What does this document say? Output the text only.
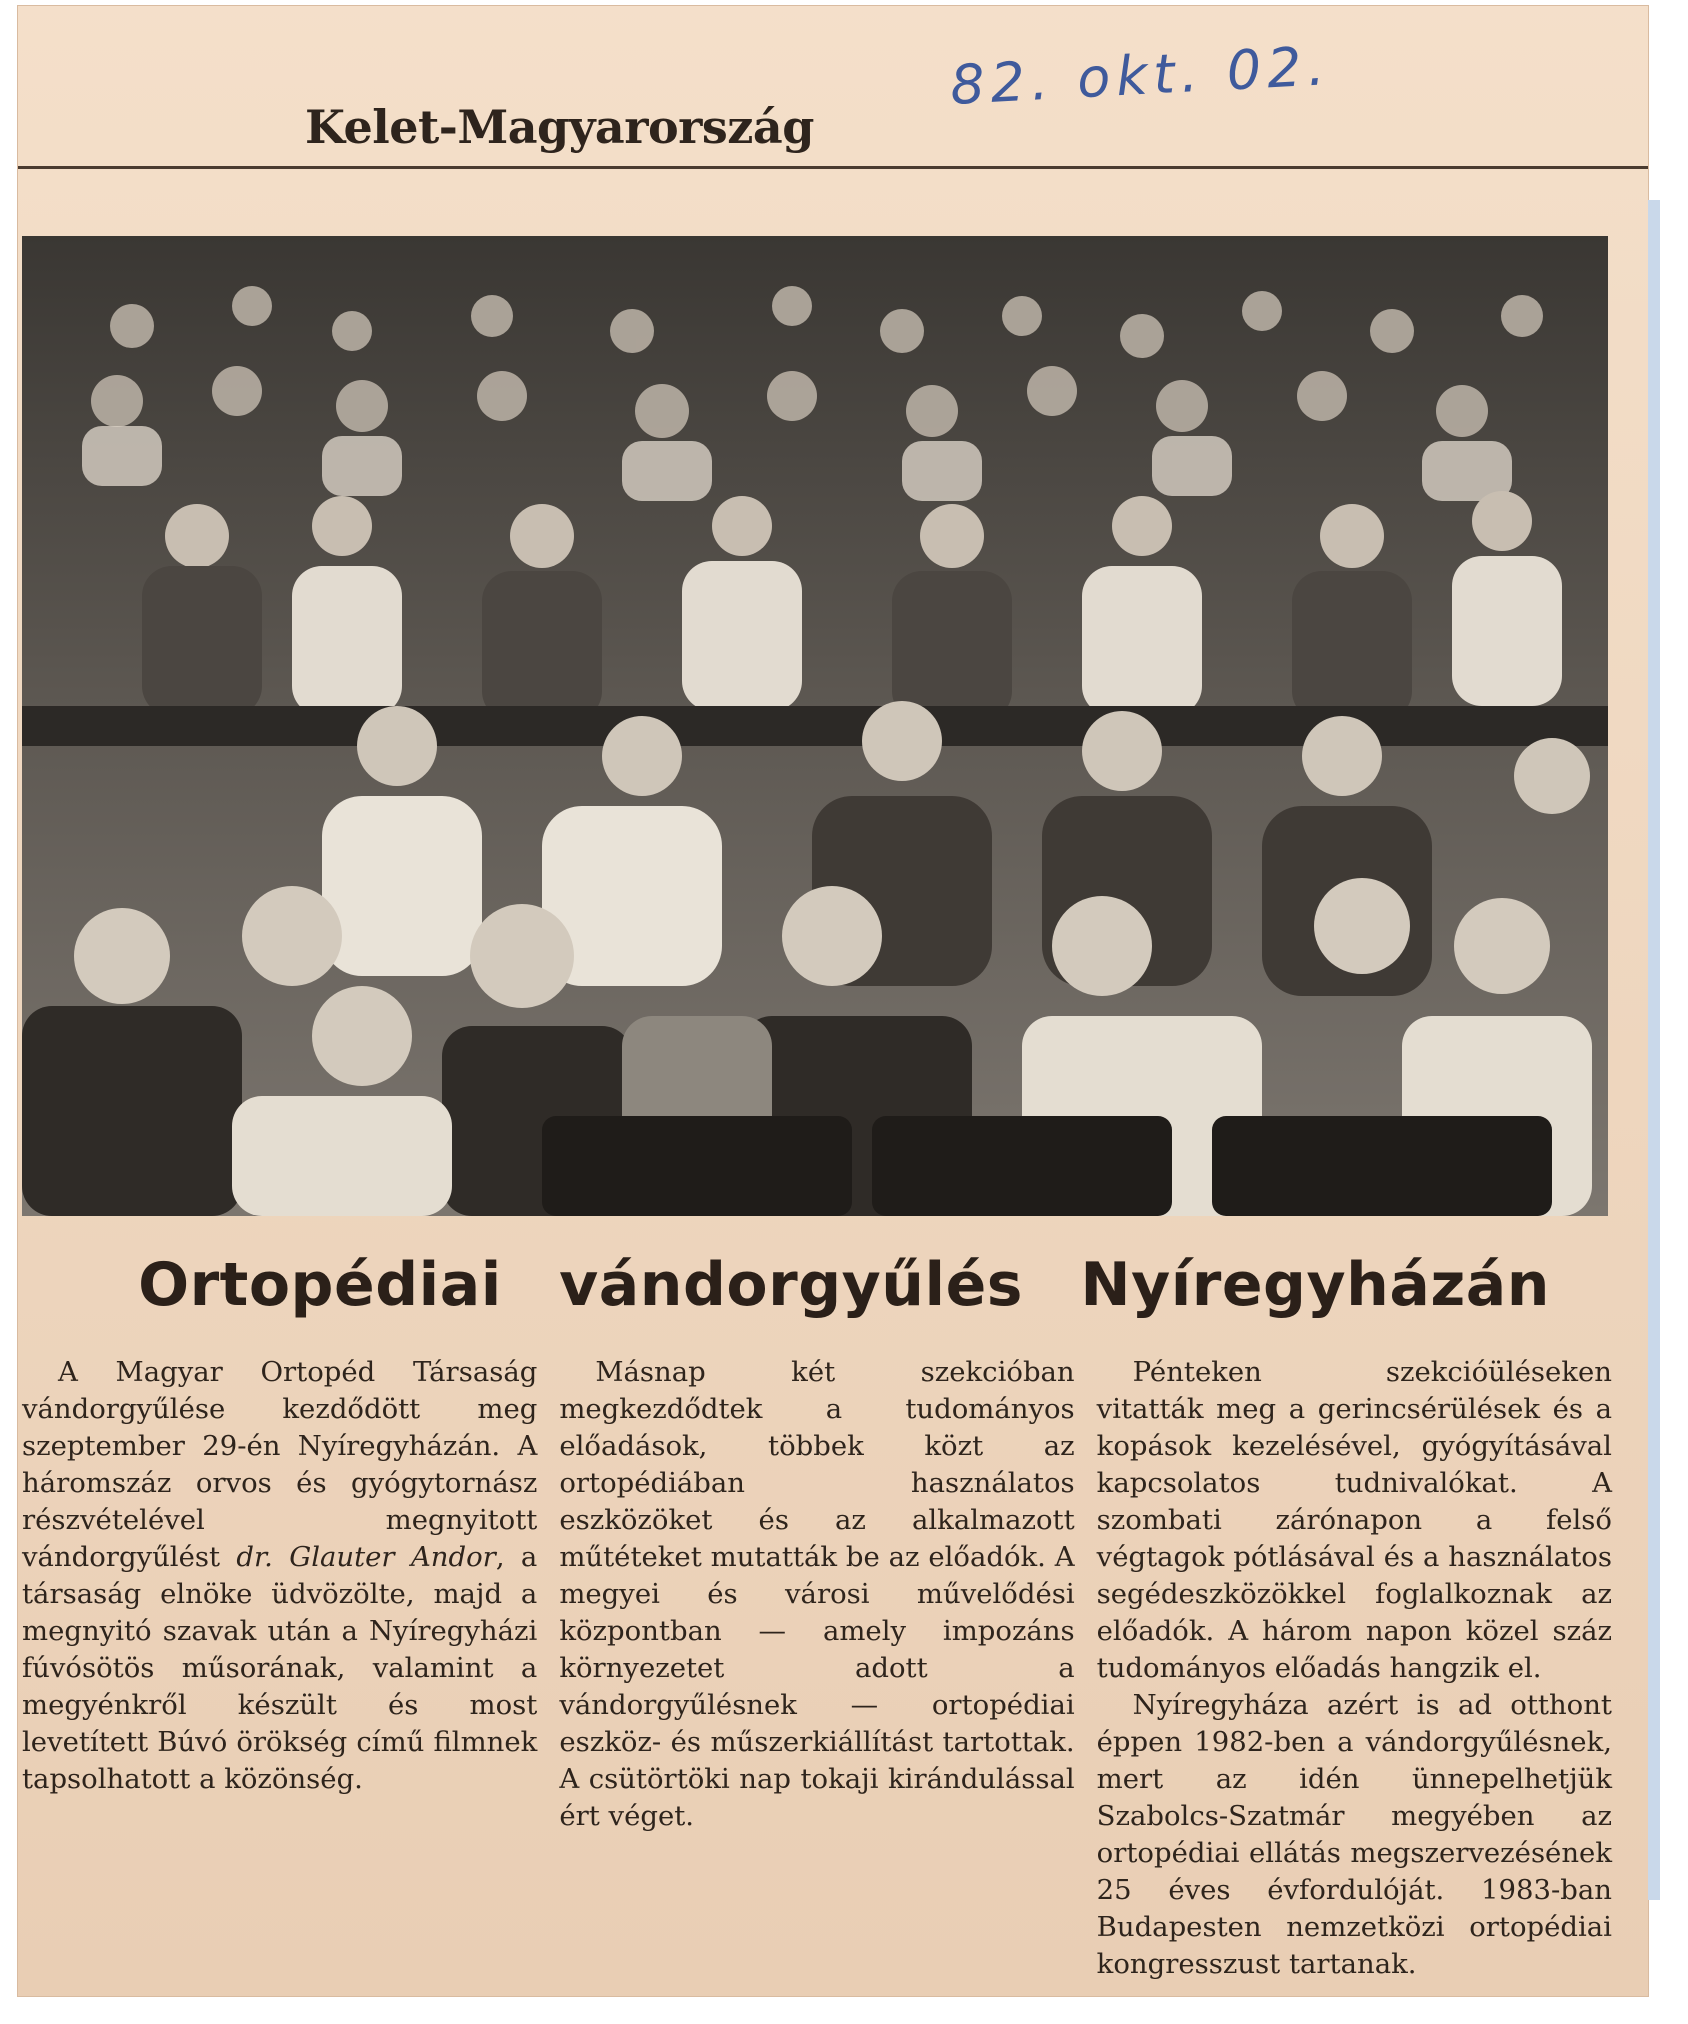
82. okt. 02.
Kelet-Magyarország
Ortopédiai vándorgyűlés Nyíregyházán

A Magyar Ortopéd Társaság vándorgyűlése kezdődött meg szeptember 29-én Nyíregyházán. A háromszáz orvos és gyógytornász részvételével megnyitott vándorgyűlést dr. Glauter Andor, a társaság elnöke üdvözölte, majd a megnyitó szavak után a Nyíregyházi fúvósötös műsorának, valamint a megyénkről készült és most levetített Búvó örökség című filmnek tapsolhatott a közönség.

Másnap két szekcióban megkezdődtek a tudományos előadások, többek közt az ortopédiában használatos eszközöket és az alkalmazott műtéteket mutatták be az előadók. A megyei és városi művelődési központban — amely impozáns környezetet adott a vándorgyűlésnek — ortopédiai eszköz- és műszerkiállítást tartottak. A csütörtöki nap tokaji kirándulással ért véget.

Pénteken szekcióüléseken vitatták meg a gerincsérülések és a kopások kezelésével, gyógyításával kapcsolatos tudnivalókat. A szombati zárónapon a felső végtagok pótlásával és a használatos segédeszközökkel foglalkoznak az előadók. A három napon közel száz tudományos előadás hangzik el.

Nyíregyháza azért is ad otthont éppen 1982-ben a vándorgyűlésnek, mert az idén ünnepelhetjük Szabolcs-Szatmár megyében az ortopédiai ellátás megszervezésének 25 éves évfordulóját. 1983-ban Budapesten nemzetközi ortopédiai kongresszust tartanak.
